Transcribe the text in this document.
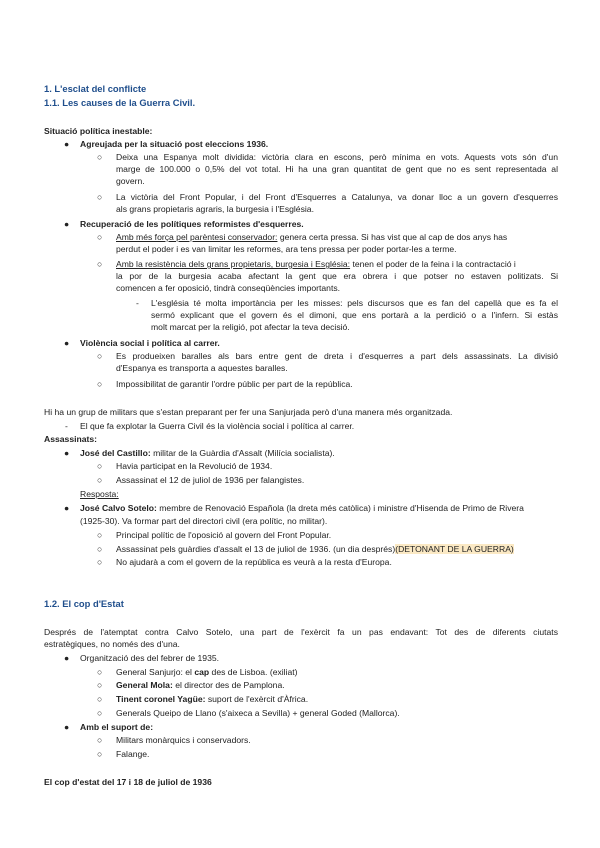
1. L'esclat del conflicte
1.1. Les causes de la Guerra Civil.
Situació política inestable:
● Agreujada per la situació post eleccions 1936.
○ Deixa una Espanya molt dividida: victòria clara en escons, però mínima en vots. Aquests vots són d'un
marge de 100.000 o 0,5% del vot total. Hi ha una gran quantitat de gent que no es sent representada al
govern.
○ La victòria del Front Popular, i del Front d'Esquerres a Catalunya, va donar lloc a un govern d'esquerres
als grans propietaris agraris, la burgesia i l'Església.
● Recuperació de les polítiques reformistes d'esquerres.
○ Amb més força pel parèntesi conservador: genera certa pressa. Si has vist que al cap de dos anys has
perdut el poder i es van limitar les reformes, ara tens pressa per poder portar-les a terme.
○ Amb la resistència dels grans propietaris, burgesia i Església: tenen el poder de la feina i la contractació i
la por de la burgesia acaba afectant la gent que era obrera i que potser no estaven politizats. Si
comencen a fer oposició, tindrà conseqüències importants.
- L'església té molta importància per les misses: pels discursos que es fan del capellà que es fa el
sermó explicant que el govern és el dimoni, que ens portarà a la perdició o a l'infern. Si estàs
molt marcat per la religió, pot afectar la teva decisió.
● Violència social i política al carrer.
○ Es produeixen baralles als bars entre gent de dreta i d'esquerres a part dels assassinats. La divisió
d'Espanya es transporta a aquestes baralles.
○ Impossibilitat de garantir l'ordre públic per part de la república.
Hi ha un grup de militars que s'estan preparant per fer una Sanjurjada però d'una manera més organitzada.
- El que fa explotar la Guerra Civil és la violència social i política al carrer.
Assassinats:
● José del Castillo: militar de la Guàrdia d'Assalt (Milícia socialista).
○ Havia participat en la Revolució de 1934.
○ Assassinat el 12 de juliol de 1936 per falangistes.
Resposta:
● José Calvo Sotelo: membre de Renovació Española (la dreta més catòlica) i ministre d'Hisenda de Primo de Rivera
(1925-30). Va formar part del directori civil (era polític, no militar).
○ Principal polític de l'oposició al govern del Front Popular.
○ Assassinat pels guàrdies d'assalt el 13 de juliol de 1936. (un dia després)(DETONANT DE LA GUERRA)
○ No ajudarà a com el govern de la república es veurà a la resta d'Europa.
1.2. El cop d'Estat
Després de l'atemptat contra Calvo Sotelo, una part de l'exèrcit fa un pas endavant: Tot des de diferents ciutats
estratègiques, no només des d'una.
● Organització des del febrer de 1935.
○ General Sanjurjo: el cap des de Lisboa. (exiliat)
○ General Mola: el director des de Pamplona.
○ Tinent coronel Yagüe: suport de l'exèrcit d'Àfrica.
○ Generals Queipo de Llano (s'aixeca a Sevilla) + general Goded (Mallorca).
● Amb el suport de:
○ Militars monàrquics i conservadors.
○ Falange.
El cop d'estat del 17 i 18 de juliol de 1936
